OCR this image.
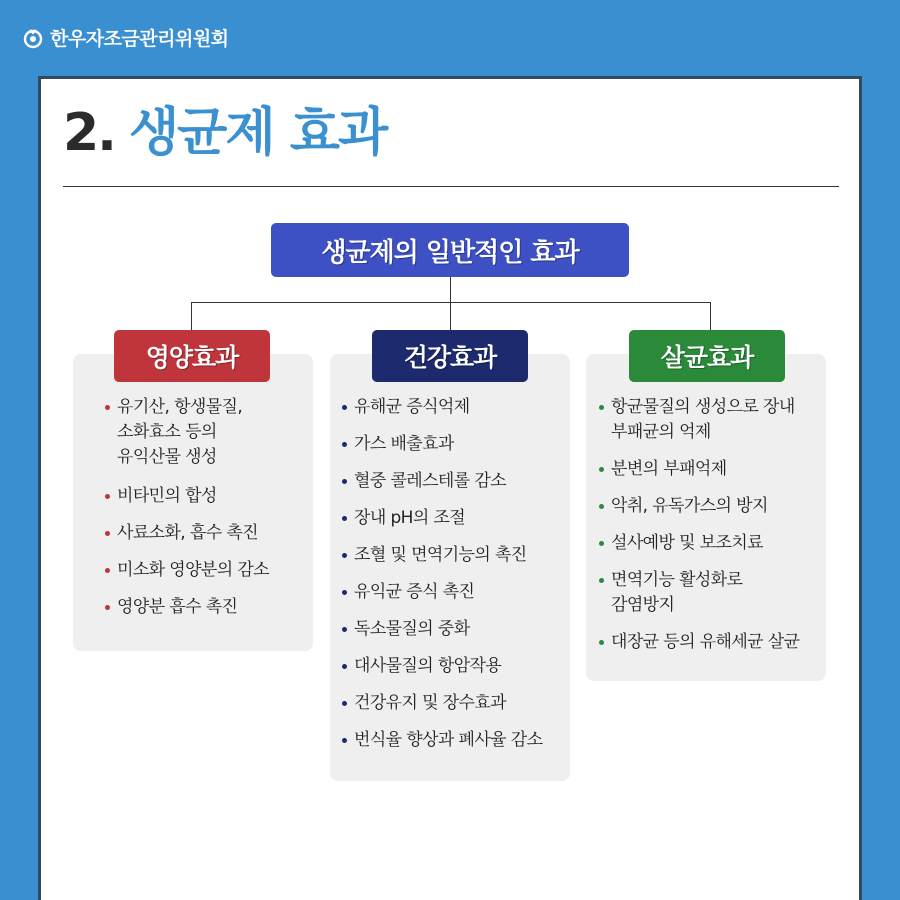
한우자조금관리위원회
2. 생균제 효과
생균제의 일반적인 효과
영양효과
유기산, 항생물질,
소화효소 등의
유익산물 생성
비타민의 합성
사료소화, 흡수 촉진
미소화 영양분의 감소
영양분 흡수 촉진
건강효과
유해균 증식억제
가스 배출효과
혈중 콜레스테롤 감소
장내 pH의 조절
조혈 및 면역기능의 촉진
유익균 증식 촉진
독소물질의 중화
대사물질의 항암작용
건강유지 및 장수효과
번식율 향상과 폐사율 감소
살균효과
항균물질의 생성으로 장내
부패균의 억제
분변의 부패억제
악취, 유독가스의 방지
설사예방 및 보조치료
면역기능 활성화로
감염방지
대장균 등의 유해세균 살균
